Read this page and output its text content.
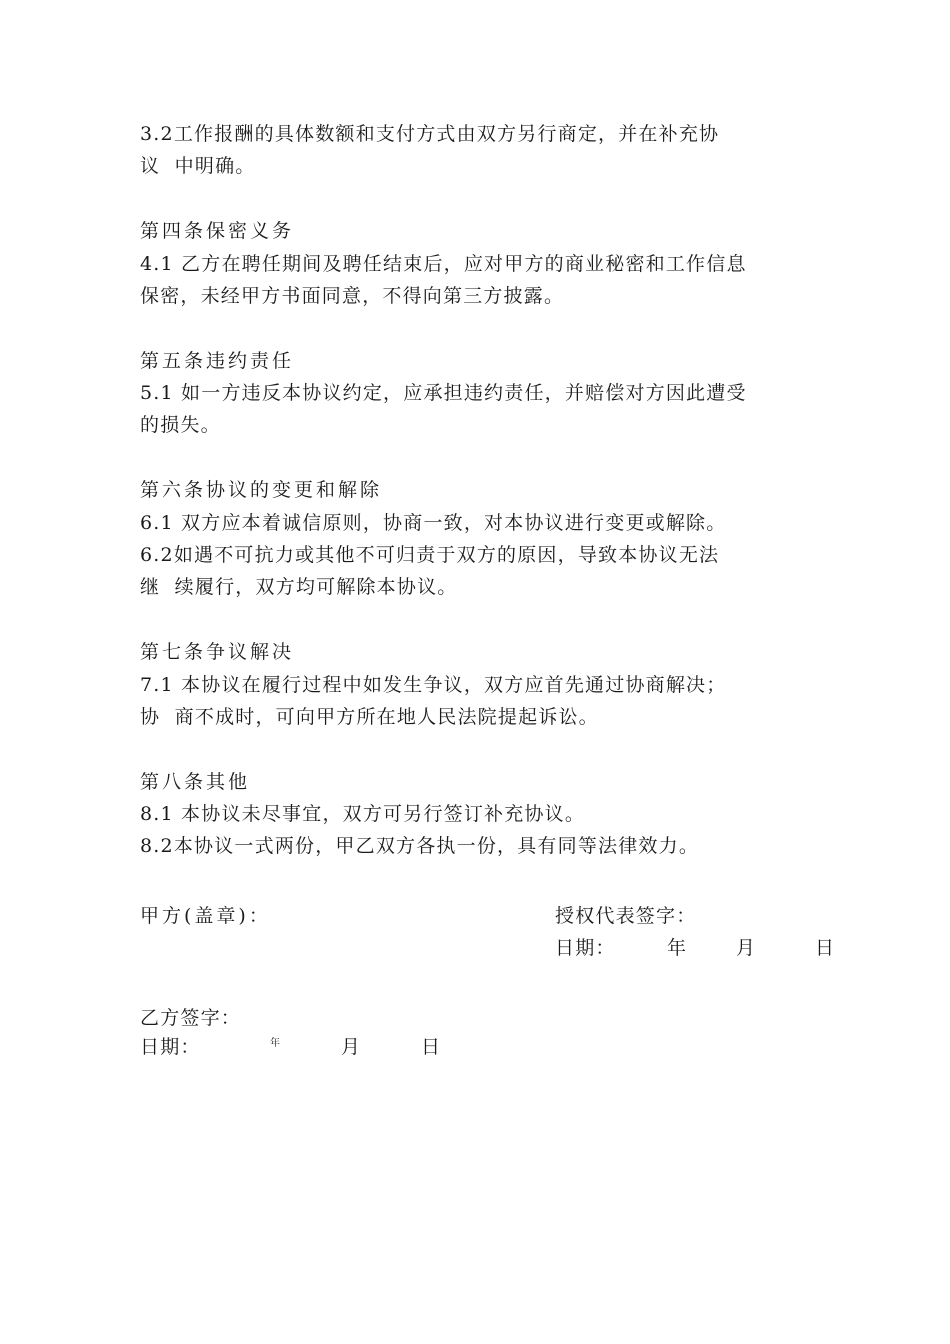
3.2工作报酬的具体数额和支付方式由双方另行商定，并在补充协
议  中明确。
第四条保密义务
4.1 乙方在聘任期间及聘任结束后，应对甲方的商业秘密和工作信息
保密，未经甲方书面同意，不得向第三方披露。
第五条违约责任
5.1 如一方违反本协议约定，应承担违约责任，并赔偿对方因此遭受
的损失。
第六条协议的变更和解除
6.1 双方应本着诚信原则，协商一致，对本协议进行变更或解除。
6.2如遇不可抗力或其他不可归责于双方的原因，导致本协议无法
继  续履行，双方均可解除本协议。
第七条争议解决
7.1 本协议在履行过程中如发生争议，双方应首先通过协商解决；
协  商不成时，可向甲方所在地人民法院提起诉讼。
第八条其他
8.1 本协议未尽事宜，双方可另行签订补充协议。
8.2本协议一式两份，甲乙双方各执一份，具有同等法律效力。
甲方(盖章)：	授权代表签字：
日期：	年	月	日
乙方签字：
日期：	年	月	日
